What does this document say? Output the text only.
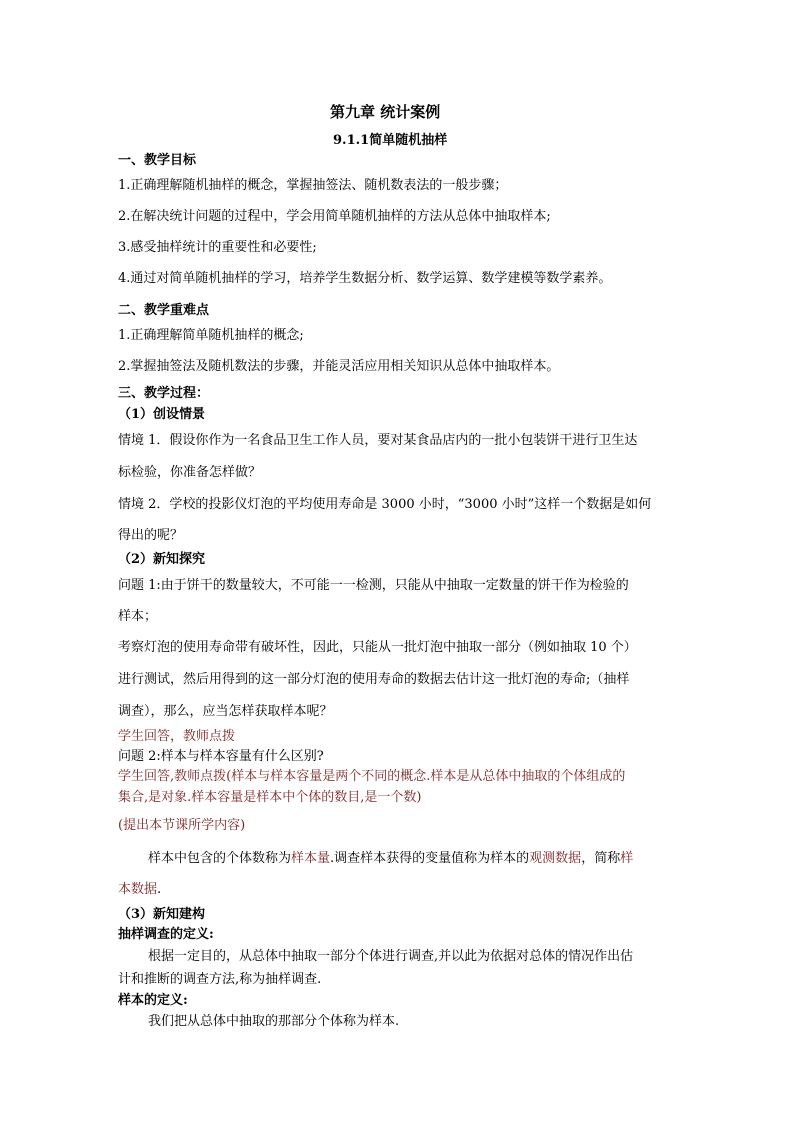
第九章 统计案例
9.1.1简单随机抽样
一、教学目标
1.正确理解随机抽样的概念，掌握抽签法、随机数表法的一般步骤；
2.在解决统计问题的过程中，学会用简单随机抽样的方法从总体中抽取样本;
3.感受抽样统计的重要性和必要性;
4.通过对简单随机抽样的学习，培养学生数据分析、数学运算、数学建模等数学素养。
二、教学重难点
1.正确理解简单随机抽样的概念;
2.掌握抽签法及随机数法的步骤，并能灵活应用相关知识从总体中抽取样本。
三、教学过程：
（1）创设情景
情境 1．假设你作为一名食品卫生工作人员，要对某食品店内的一批小包装饼干进行卫生达
标检验，你准备怎样做？
情境 2．学校的投影仪灯泡的平均使用寿命是 3000 小时，“3000 小时”这样一个数据是如何
得出的呢？
（2）新知探究
问题 1:由于饼干的数量较大，不可能一一检测，只能从中抽取一定数量的饼干作为检验的
样本；
考察灯泡的使用寿命带有破坏性，因此，只能从一批灯泡中抽取一部分（例如抽取 10 个）
进行测试，然后用得到的这一部分灯泡的使用寿命的数据去估计这一批灯泡的寿命;（抽样
调查），那么，应当怎样获取样本呢？
学生回答，教师点拨
问题 2:样本与样本容量有什么区别?
学生回答,教师点拨(样本与样本容量是两个不同的概念.样本是从总体中抽取的个体组成的
集合,是对象.样本容量是样本中个体的数目,是一个数)
(提出本节课所学内容)
样本中包含的个体数称为样本量.调查样本获得的变量值称为样本的观测数据，简称样
本数据.
（3）新知建构
抽样调查的定义:
根据一定目的，从总体中抽取一部分个体进行调查,并以此为依据对总体的情况作出估
计和推断的调查方法,称为抽样调查.
样本的定义:
我们把从总体中抽取的那部分个体称为样本.
